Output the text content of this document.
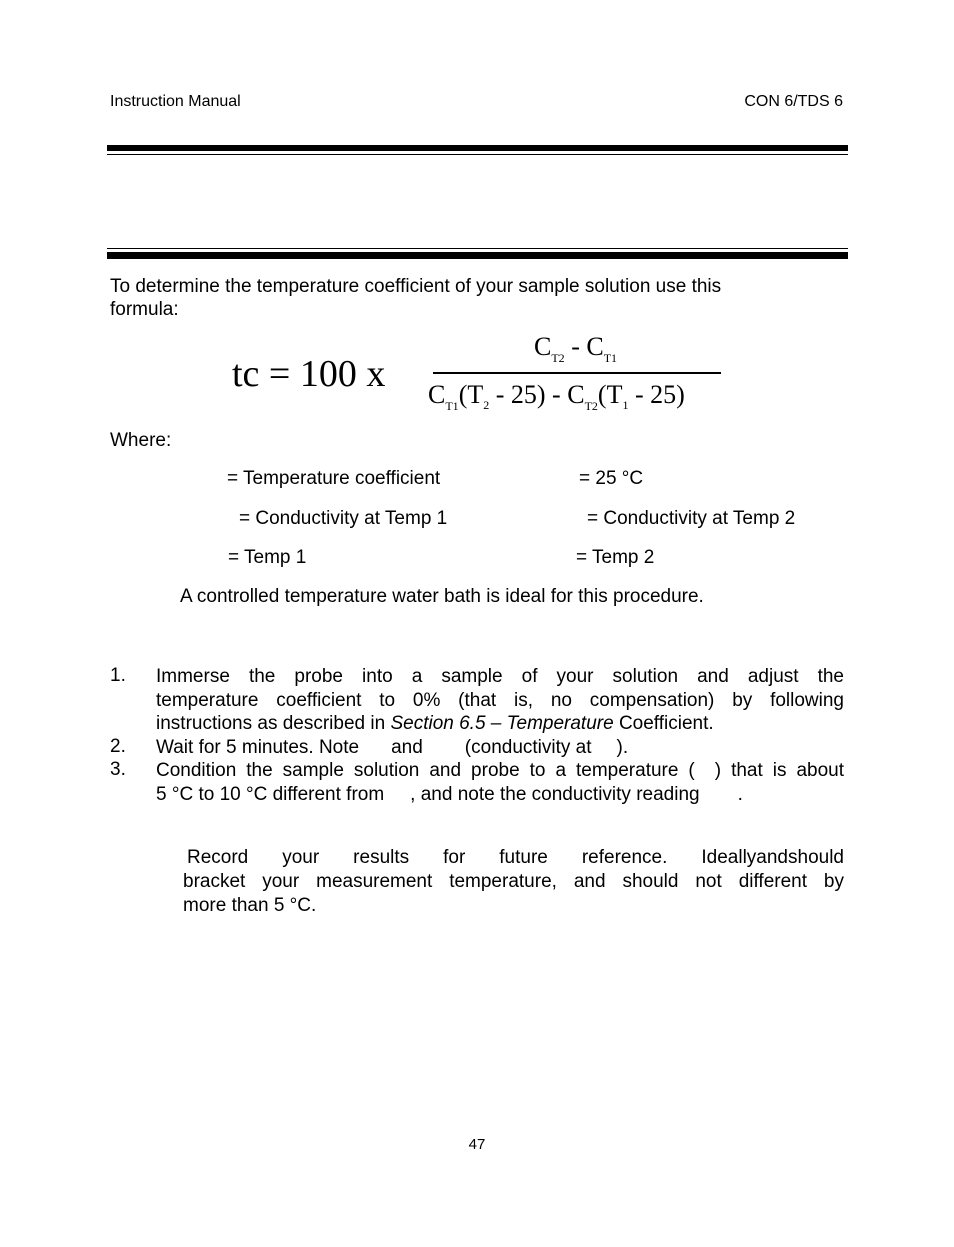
Instruction Manual	CON 6/TDS 6
To determine the temperature coefficient of your sample solution use this
formula:
tc = 100 x
$C_{T2} - C_{T1}$
$C_{T1}(T_2 - 25) - C_{T2}(T_1 - 25)$
Where:
= Temperature coefficient	= 25 °C
= Conductivity at Temp 1	= Conductivity at Temp 2
= Temp 1	= Temp 2
A controlled temperature water bath is ideal for this procedure.
1. Immerse the probe into a sample of your solution and adjust the

temperature coefficient to 0% (that is, no compensation) by following

instructions as described in Section 6.5 – Temperature Coefficient.

2. Wait for 5 minutes. Note and (conductivity at ).

3. Condition the sample solution and probe to a temperature ( ) that is about

5 °C to 10 °C different from , and note the conductivity reading .

Record your results for future reference. Ideallyandshould

bracket your measurement temperature, and should not different by

more than 5 °C.

47
